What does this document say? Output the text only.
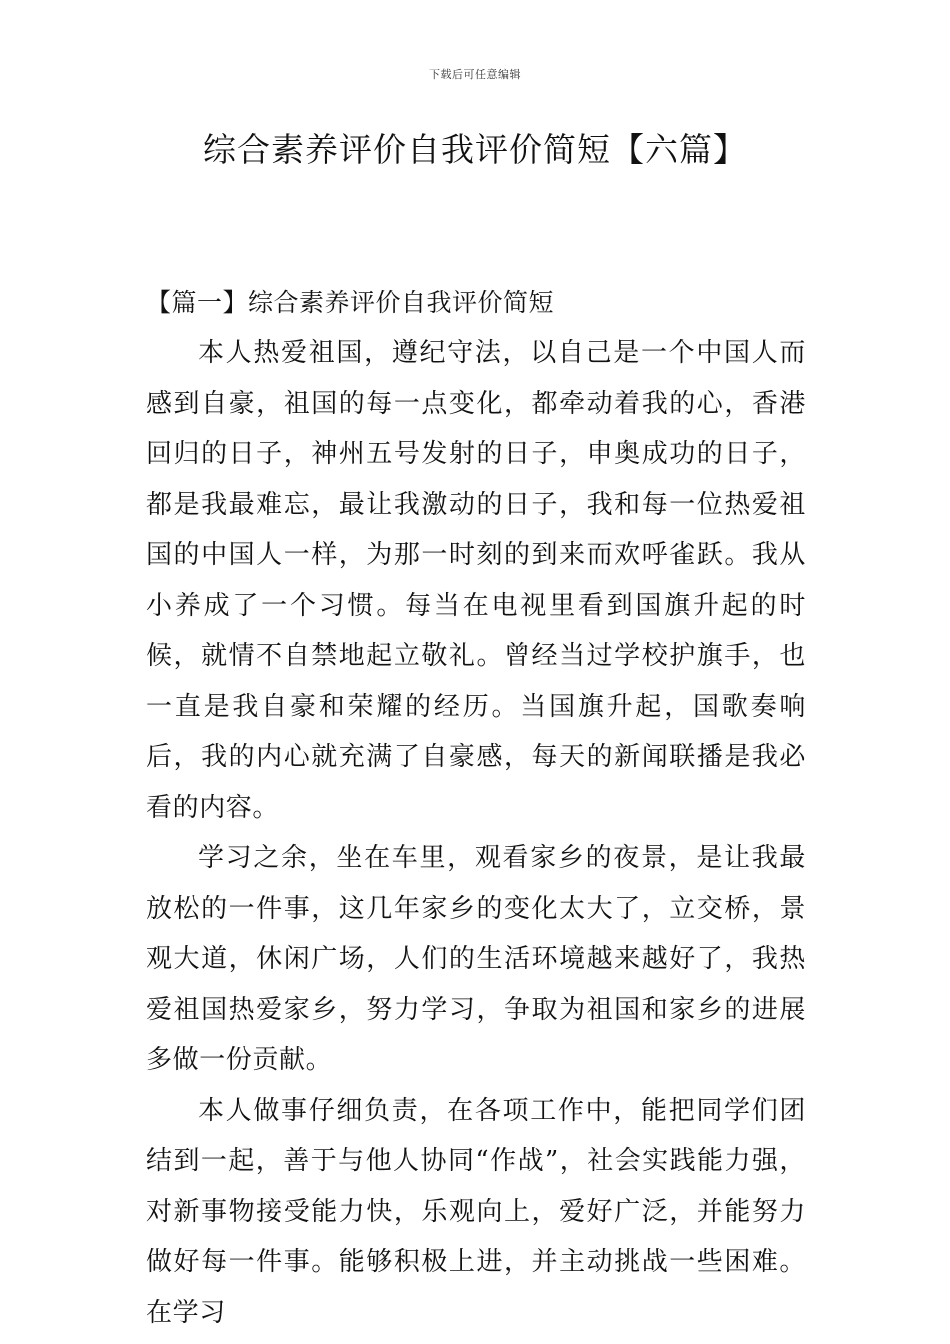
下载后可任意编辑
综合素养评价自我评价简短【六篇】
【篇一】综合素养评价自我评价简短

本人热爱祖国，遵纪守法，以自己是一个中国人而感到自豪，祖国的每一点变化，都牵动着我的心，香港回归的日子，神州五号发射的日子，申奥成功的日子，都是我最难忘，最让我激动的日子，我和每一位热爱祖国的中国人一样，为那一时刻的到来而欢呼雀跃。我从小养成了一个习惯。每当在电视里看到国旗升起的时候，就情不自禁地起立敬礼。曾经当过学校护旗手，也一直是我自豪和荣耀的经历。当国旗升起，国歌奏响后，我的内心就充满了自豪感，每天的新闻联播是我必看的内容。

学习之余，坐在车里，观看家乡的夜景，是让我最放松的一件事，这几年家乡的变化太大了，立交桥，景观大道，休闲广场，人们的生活环境越来越好了，我热爱祖国热爱家乡，努力学习，争取为祖国和家乡的进展多做一份贡献。

本人做事仔细负责，在各项工作中，能把同学们团结到一起，善于与他人协同“作战”，社会实践能力强，对新事物接受能力快，乐观向上，爱好广泛，并能努力做好每一件事。能够积极上进，并主动挑战一些困难。在学习
